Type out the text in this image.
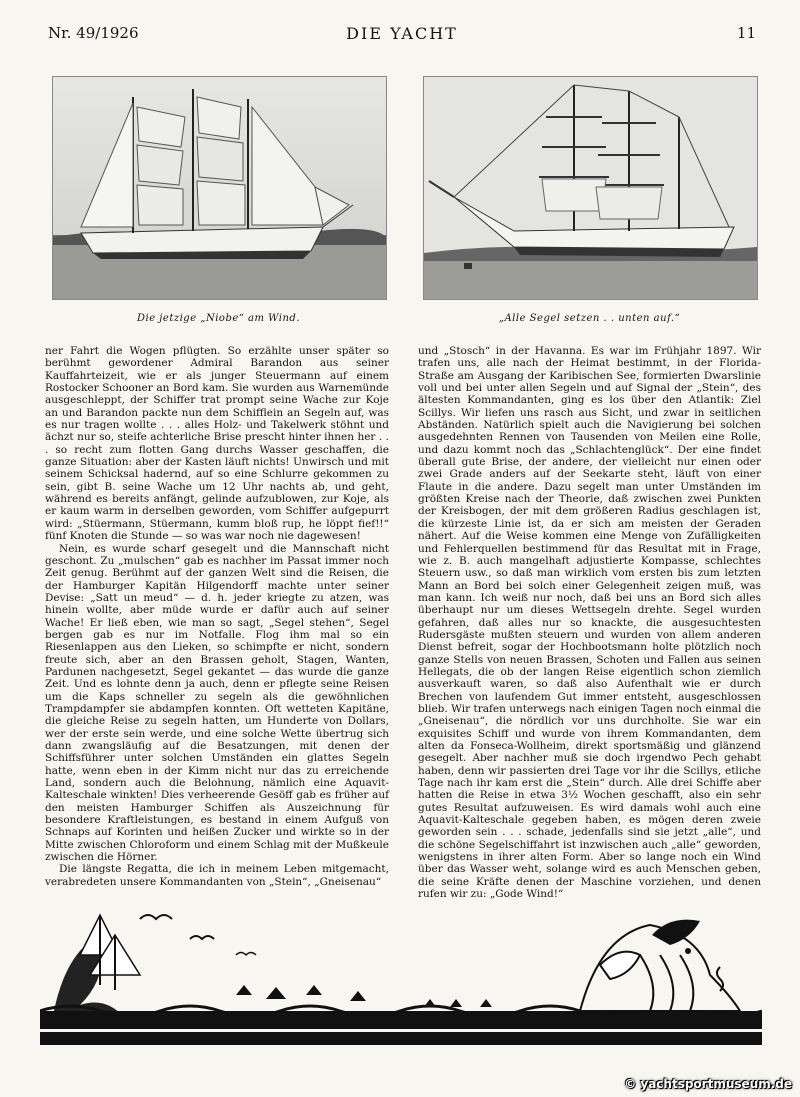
Nr. 49/1926	DIE YACHT	11
Die jetzige „Niobe“ am Wind.	„Alle Segel setzen . . unten auf.“

ner Fahrt die Wogen pflügten. So erzählte unser später so berühmt gewordener Admiral Barandon aus seiner Kauffahrteizeit, wie er als junger Steuermann auf einem Rostocker Schooner an Bord kam. Sie wurden aus Warnemünde ausgeschleppt, der Schiffer trat prompt seine Wache zur Koje an und Barandon packte nun dem Schifflein an Segeln auf, was es nur tragen wollte . . . alles Holz- und Takelwerk stöhnt und ächzt nur so, steife achterliche Brise prescht hinter ihnen her . . . so recht zum flotten Gang durchs Wasser geschaffen, die ganze Situation: aber der Kasten läuft nichts! Unwirsch und mit seinem Schicksal hadernd, auf so eine Schlurre gekommen zu sein, gibt B. seine Wache um 12 Uhr nachts ab, und geht, während es bereits anfängt, gelinde aufzublowen, zur Koje, als er kaum warm in derselben geworden, vom Schiffer aufgepurrt wird: „Stüermann, Stüermann, kumm bloß rup, he löppt fief!!“ fünf Knoten die Stunde — so was war noch nie dagewesen!

Nein, es wurde scharf gesegelt und die Mannschaft nicht geschont. Zu „mulschen“ gab es nachher im Passat immer noch Zeit genug. Berühmt auf der ganzen Welt sind die Reisen, die der Hamburger Kapitän Hilgendorff machte unter seiner Devise: „Satt un meud“ — d. h. jeder kriegte zu atzen, was hinein wollte, aber müde wurde er dafür auch auf seiner Wache! Er ließ eben, wie man so sagt, „Segel stehen“, Segel bergen gab es nur im Notfalle. Flog ihm mal so ein Riesenlappen aus den Lieken, so schimpfte er nicht, sondern freute sich, aber an den Brassen geholt, Stagen, Wanten, Pardunen nachgesetzt, Segel gekantet — das wurde die ganze Zeit. Und es lohnte denn ja auch, denn er pflegte seine Reisen um die Kaps schneller zu segeln als die gewöhnlichen Trampdampfer sie abdampfen konnten. Oft wetteten Kapitäne, die gleiche Reise zu segeln hatten, um Hunderte von Dollars, wer der erste sein werde, und eine solche Wette übertrug sich dann zwangsläufig auf die Besatzungen, mit denen der Schiffsführer unter solchen Umständen ein glattes Segeln hatte, wenn eben in der Kimm nicht nur das zu erreichende Land, sondern auch die Belohnung, nämlich eine Aquavit-Kalteschale winkten! Dies verheerende Gesöff gab es früher auf den meisten Hamburger Schiffen als Auszeichnung für besondere Kraftleistungen, es bestand in einem Aufguß von Schnaps auf Korinten und heißen Zucker und wirkte so in der Mitte zwischen Chloroform und einem Schlag mit der Mußkeule zwischen die Hörner.

Die längste Regatta, die ich in meinem Leben mitgemacht, verabredeten unsere Kommandanten von „Stein“, „Gneisenau“

und „Stosch“ in der Havanna. Es war im Frühjahr 1897. Wir trafen uns, alle nach der Heimat bestimmt, in der Florida-Straße am Ausgang der Karibischen See, formierten Dwarslinie voll und bei unter allen Segeln und auf Signal der „Stein“, des ältesten Kommandanten, ging es los über den Atlantik: Ziel Scillys. Wir liefen uns rasch aus Sicht, und zwar in seitlichen Abständen. Natürlich spielt auch die Navigierung bei solchen ausgedehnten Rennen von Tausenden von Meilen eine Rolle, und dazu kommt noch das „Schlachtenglück“. Der eine findet überall gute Brise, der andere, der vielleicht nur einen oder zwei Grade anders auf der Seekarte steht, läuft von einer Flaute in die andere. Dazu segelt man unter Umständen im größten Kreise nach der Theorie, daß zwischen zwei Punkten der Kreisbogen, der mit dem größeren Radius geschlagen ist, die kürzeste Linie ist, da er sich am meisten der Geraden nähert. Auf die Weise kommen eine Menge von Zufälligkeiten und Fehlerquellen bestimmend für das Resultat mit in Frage, wie z. B. auch mangelhaft adjustierte Kompasse, schlechtes Steuern usw., so daß man wirklich vom ersten bis zum letzten Mann an Bord bei solch einer Gelegenheit zeigen muß, was man kann. Ich weiß nur noch, daß bei uns an Bord sich alles überhaupt nur um dieses Wettsegeln drehte. Segel wurden gefahren, daß alles nur so knackte, die ausgesuchtesten Rudersgäste mußten steuern und wurden von allem anderen Dienst befreit, sogar der Hochbootsmann holte plötzlich noch ganze Stells von neuen Brassen, Schoten und Fallen aus seinen Hellegats, die ob der langen Reise eigentlich schon ziemlich ausverkauft waren, so daß also Aufenthalt wie er durch Brechen von laufendem Gut immer entsteht, ausgeschlossen blieb. Wir trafen unterwegs nach einigen Tagen noch einmal die „Gneisenau“, die nördlich vor uns durchholte. Sie war ein exquisites Schiff und wurde von ihrem Kommandanten, dem alten da Fonseca-Wollheim, direkt sportsmäßig und glänzend gesegelt. Aber nachher muß sie doch irgendwo Pech gehabt haben, denn wir passierten drei Tage vor ihr die Scillys, etliche Tage nach ihr kam erst die „Stein“ durch. Alle drei Schiffe aber hatten die Reise in etwa 3½ Wochen geschafft, also ein sehr gutes Resultat aufzuweisen. Es wird damals wohl auch eine Aquavit-Kalteschale gegeben haben, es mögen deren zweie geworden sein . . . schade, jedenfalls sind sie jetzt „alle“, und die schöne Segelschiffahrt ist inzwischen auch „alle“ geworden, wenigstens in ihrer alten Form. Aber so lange noch ein Wind über das Wasser weht, solange wird es auch Menschen geben, die seine Kräfte denen der Maschine vorziehen, und denen rufen wir zu: „Gode Wind!“

© yachtsportmuseum.de
